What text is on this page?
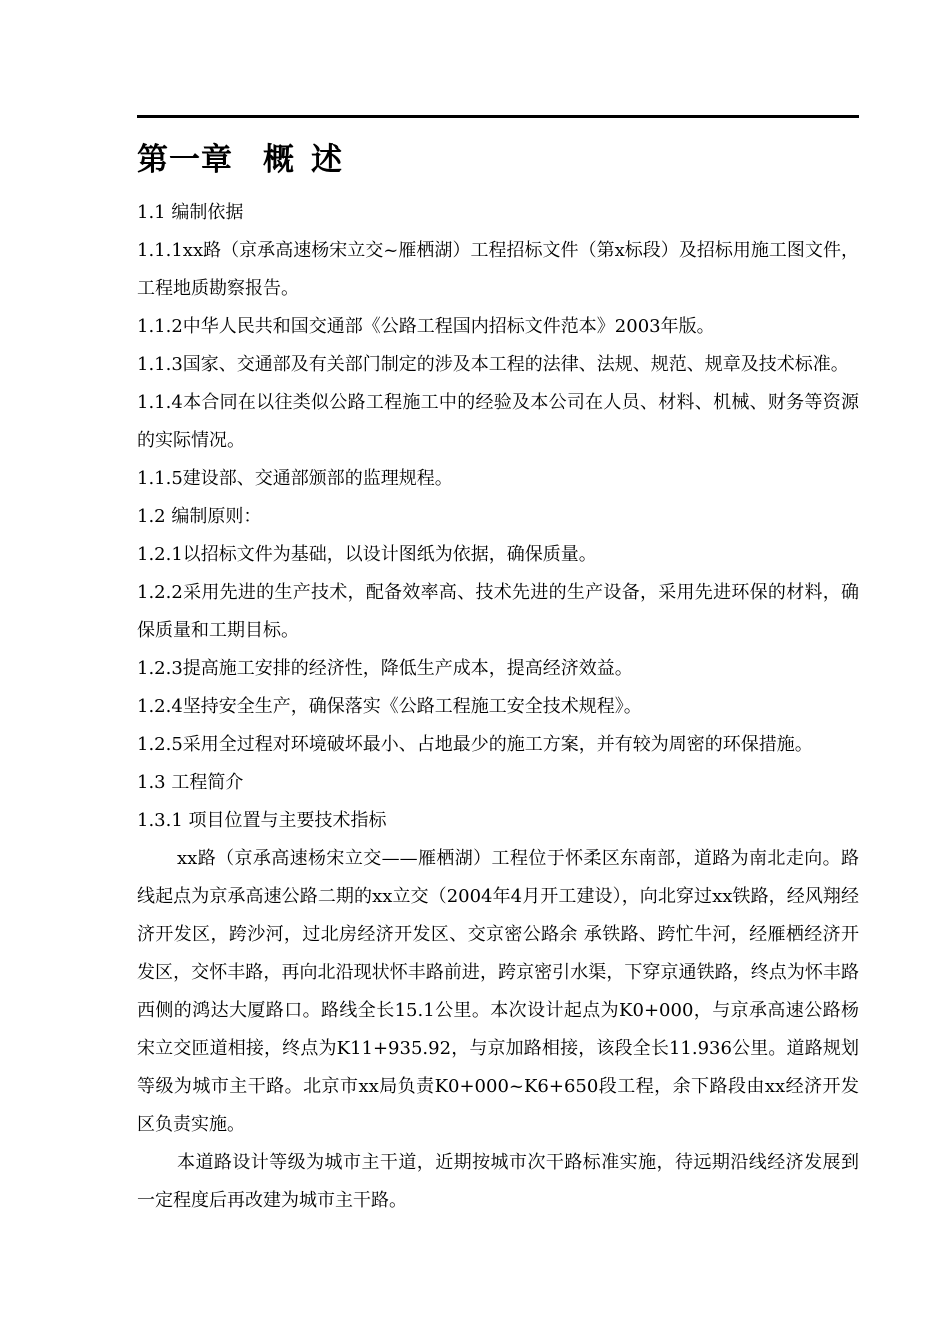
第一章 概 述

1.1 编制依据

1.1.1xx路（京承高速杨宋立交~雁栖湖）工程招标文件（第x标段）及招标用施工图文件，工程地质勘察报告。

1.1.2中华人民共和国交通部《公路工程国内招标文件范本》2003年版。

1.1.3国家、交通部及有关部门制定的涉及本工程的法律、法规、规范、规章及技术标准。

1.1.4本合同在以往类似公路工程施工中的经验及本公司在人员、材料、机械、财务等资源的实际情况。

1.1.5建设部、交通部颁部的监理规程。

1.2 编制原则：

1.2.1以招标文件为基础，以设计图纸为依据，确保质量。

1.2.2采用先进的生产技术，配备效率高、技术先进的生产设备，采用先进环保的材料，确保质量和工期目标。

1.2.3提高施工安排的经济性，降低生产成本，提高经济效益。

1.2.4坚持安全生产，确保落实《公路工程施工安全技术规程》。

1.2.5采用全过程对环境破坏最小、占地最少的施工方案，并有较为周密的环保措施。

1.3 工程简介

1.3.1 项目位置与主要技术指标

xx路（京承高速杨宋立交——雁栖湖）工程位于怀柔区东南部，道路为南北走向。路线起点为京承高速公路二期的xx立交（2004年4月开工建设），向北穿过xx铁路，经风翔经济开发区，跨沙河，过北房经济开发区、交京密公路余 承铁路、跨忙牛河，经雁栖经济开发区，交怀丰路，再向北沿现状怀丰路前进，跨京密引水渠，下穿京通铁路，终点为怀丰路西侧的鸿达大厦路口。路线全长15.1公里。本次设计起点为K0+000，与京承高速公路杨宋立交匝道相接，终点为K11+935.92，与京加路相接，该段全长11.936公里。道路规划等级为城市主干路。北京市xx局负责K0+000~K6+650段工程，余下路段由xx经济开发区负责实施。

本道路设计等级为城市主干道，近期按城市次干路标准实施，待远期沿线经济发展到一定程度后再改建为城市主干路。
